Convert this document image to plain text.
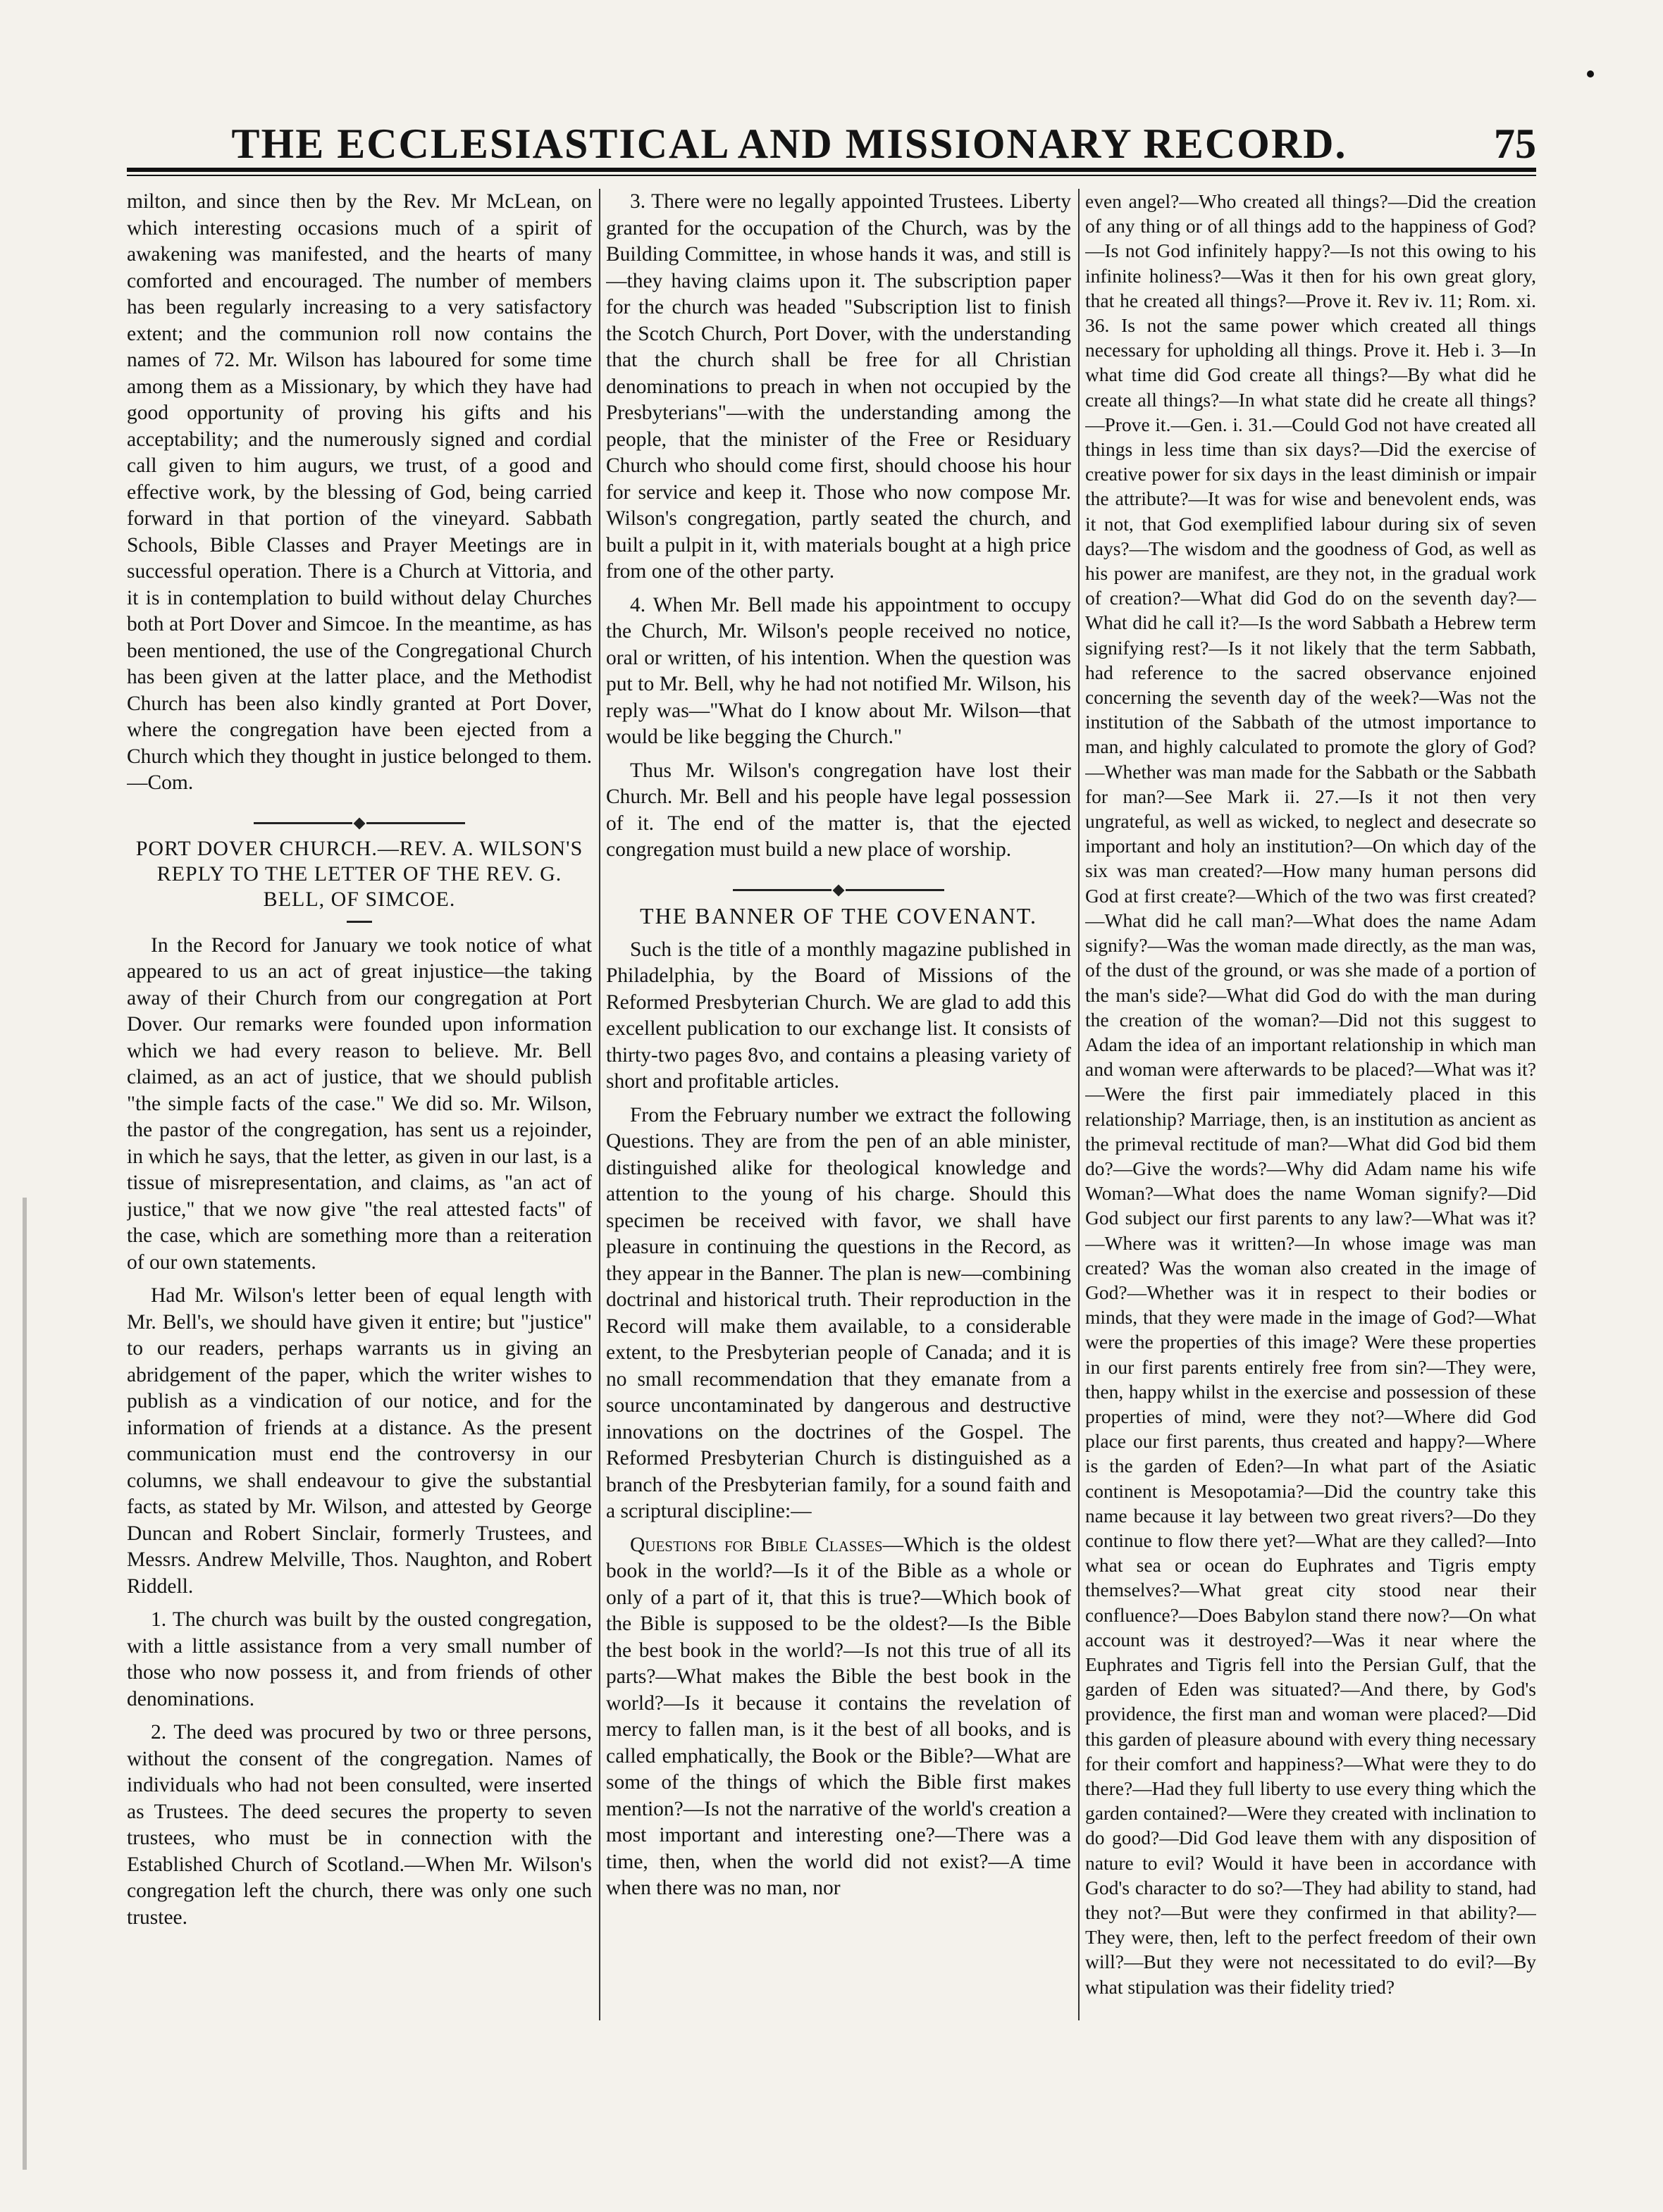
THE ECCLESIASTICAL AND MISSIONARY RECORD.	75

milton, and since then by the Rev. Mr McLean, on which interesting occasions much of a spirit of awakening was manifested, and the hearts of many comforted and encouraged. The number of members has been regularly increasing to a very satisfactory extent; and the communion roll now contains the names of 72. Mr. Wilson has laboured for some time among them as a Missionary, by which they have had good opportunity of proving his gifts and his acceptability; and the numerously signed and cordial call given to him augurs, we trust, of a good and effective work, by the blessing of God, being carried forward in that portion of the vineyard. Sabbath Schools, Bible Classes and Prayer Meetings are in successful operation. There is a Church at Vittoria, and it is in contemplation to build without delay Churches both at Port Dover and Simcoe. In the meantime, as has been mentioned, the use of the Congregational Church has been given at the latter place, and the Methodist Church has been also kindly granted at Port Dover, where the congregation have been ejected from a Church which they thought in justice belonged to them.—Com.

PORT DOVER CHURCH.—REV. A. WILSON'S REPLY TO THE LETTER OF THE REV. G. BELL, OF SIMCOE.

In the Record for January we took notice of what appeared to us an act of great injustice—the taking away of their Church from our congregation at Port Dover. Our remarks were founded upon information which we had every reason to believe. Mr. Bell claimed, as an act of justice, that we should publish "the simple facts of the case." We did so. Mr. Wilson, the pastor of the congregation, has sent us a rejoinder, in which he says, that the letter, as given in our last, is a tissue of misrepresentation, and claims, as "an act of justice," that we now give "the real attested facts" of the case, which are something more than a reiteration of our own statements.

Had Mr. Wilson's letter been of equal length with Mr. Bell's, we should have given it entire; but "justice" to our readers, perhaps warrants us in giving an abridgement of the paper, which the writer wishes to publish as a vindication of our notice, and for the information of friends at a distance. As the present communication must end the controversy in our columns, we shall endeavour to give the substantial facts, as stated by Mr. Wilson, and attested by George Duncan and Robert Sinclair, formerly Trustees, and Messrs. Andrew Melville, Thos. Naughton, and Robert Riddell.

1. The church was built by the ousted congregation, with a little assistance from a very small number of those who now possess it, and from friends of other denominations.

2. The deed was procured by two or three persons, without the consent of the congregation. Names of individuals who had not been consulted, were inserted as Trustees. The deed secures the property to seven trustees, who must be in connection with the Established Church of Scotland.—When Mr. Wilson's congregation left the church, there was only one such trustee.

3. There were no legally appointed Trustees. Liberty granted for the occupation of the Church, was by the Building Committee, in whose hands it was, and still is—they having claims upon it. The subscription paper for the church was headed "Subscription list to finish the Scotch Church, Port Dover, with the understanding that the church shall be free for all Christian denominations to preach in when not occupied by the Presbyterians"—with the understanding among the people, that the minister of the Free or Residuary Church who should come first, should choose his hour for service and keep it. Those who now compose Mr. Wilson's congregation, partly seated the church, and built a pulpit in it, with materials bought at a high price from one of the other party.

4. When Mr. Bell made his appointment to occupy the Church, Mr. Wilson's people received no notice, oral or written, of his intention. When the question was put to Mr. Bell, why he had not notified Mr. Wilson, his reply was—"What do I know about Mr. Wilson—that would be like begging the Church."

Thus Mr. Wilson's congregation have lost their Church. Mr. Bell and his people have legal possession of it. The end of the matter is, that the ejected congregation must build a new place of worship.

THE BANNER OF THE COVENANT.

Such is the title of a monthly magazine published in Philadelphia, by the Board of Missions of the Reformed Presbyterian Church. We are glad to add this excellent publication to our exchange list. It consists of thirty-two pages 8vo, and contains a pleasing variety of short and profitable articles.

From the February number we extract the following Questions. They are from the pen of an able minister, distinguished alike for theological knowledge and attention to the young of his charge. Should this specimen be received with favor, we shall have pleasure in continuing the questions in the Record, as they appear in the Banner. The plan is new—combining doctrinal and historical truth. Their reproduction in the Record will make them available, to a considerable extent, to the Presbyterian people of Canada; and it is no small recommendation that they emanate from a source uncontaminated by dangerous and destructive innovations on the doctrines of the Gospel. The Reformed Presbyterian Church is distinguished as a branch of the Presbyterian family, for a sound faith and a scriptural discipline:—

Questions for Bible Classes—Which is the oldest book in the world?—Is it of the Bible as a whole or only of a part of it, that this is true?—Which book of the Bible is supposed to be the oldest?—Is the Bible the best book in the world?—Is not this true of all its parts?—What makes the Bible the best book in the world?—Is it because it contains the revelation of mercy to fallen man, is it the best of all books, and is called emphatically, the Book or the Bible?—What are some of the things of which the Bible first makes mention?—Is not the narrative of the world's creation a most important and interesting one?—There was a time, then, when the world did not exist?—A time when there was no man, nor

even angel?—Who created all things?—Did the creation of any thing or of all things add to the happiness of God?—Is not God infinitely happy?—Is not this owing to his infinite holiness?—Was it then for his own great glory, that he created all things?—Prove it. Rev iv. 11; Rom. xi. 36. Is not the same power which created all things necessary for upholding all things. Prove it. Heb i. 3—In what time did God create all things?—By what did he create all things?—In what state did he create all things?—Prove it.—Gen. i. 31.—Could God not have created all things in less time than six days?—Did the exercise of creative power for six days in the least diminish or impair the attribute?—It was for wise and benevolent ends, was it not, that God exemplified labour during six of seven days?—The wisdom and the goodness of God, as well as his power are manifest, are they not, in the gradual work of creation?—What did God do on the seventh day?—What did he call it?—Is the word Sabbath a Hebrew term signifying rest?—Is it not likely that the term Sabbath, had reference to the sacred observance enjoined concerning the seventh day of the week?—Was not the institution of the Sabbath of the utmost importance to man, and highly calculated to promote the glory of God?—Whether was man made for the Sabbath or the Sabbath for man?—See Mark ii. 27.—Is it not then very ungrateful, as well as wicked, to neglect and desecrate so important and holy an institution?—On which day of the six was man created?—How many human persons did God at first create?—Which of the two was first created?—What did he call man?—What does the name Adam signify?—Was the woman made directly, as the man was, of the dust of the ground, or was she made of a portion of the man's side?—What did God do with the man during the creation of the woman?—Did not this suggest to Adam the idea of an important relationship in which man and woman were afterwards to be placed?—What was it?—Were the first pair immediately placed in this relationship? Marriage, then, is an institution as ancient as the primeval rectitude of man?—What did God bid them do?—Give the words?—Why did Adam name his wife Woman?—What does the name Woman signify?—Did God subject our first parents to any law?—What was it?—Where was it written?—In whose image was man created? Was the woman also created in the image of God?—Whether was it in respect to their bodies or minds, that they were made in the image of God?—What were the properties of this image? Were these properties in our first parents entirely free from sin?—They were, then, happy whilst in the exercise and possession of these properties of mind, were they not?—Where did God place our first parents, thus created and happy?—Where is the garden of Eden?—In what part of the Asiatic continent is Mesopotamia?—Did the country take this name because it lay between two great rivers?—Do they continue to flow there yet?—What are they called?—Into what sea or ocean do Euphrates and Tigris empty themselves?—What great city stood near their confluence?—Does Babylon stand there now?—On what account was it destroyed?—Was it near where the Euphrates and Tigris fell into the Persian Gulf, that the garden of Eden was situated?—And there, by God's providence, the first man and woman were placed?—Did this garden of pleasure abound with every thing necessary for their comfort and happiness?—What were they to do there?—Had they full liberty to use every thing which the garden contained?—Were they created with inclination to do good?—Did God leave them with any disposition of nature to evil? Would it have been in accordance with God's character to do so?—They had ability to stand, had they not?—But were they confirmed in that ability?—They were, then, left to the perfect freedom of their own will?—But they were not necessitated to do evil?—By what stipulation was their fidelity tried?
